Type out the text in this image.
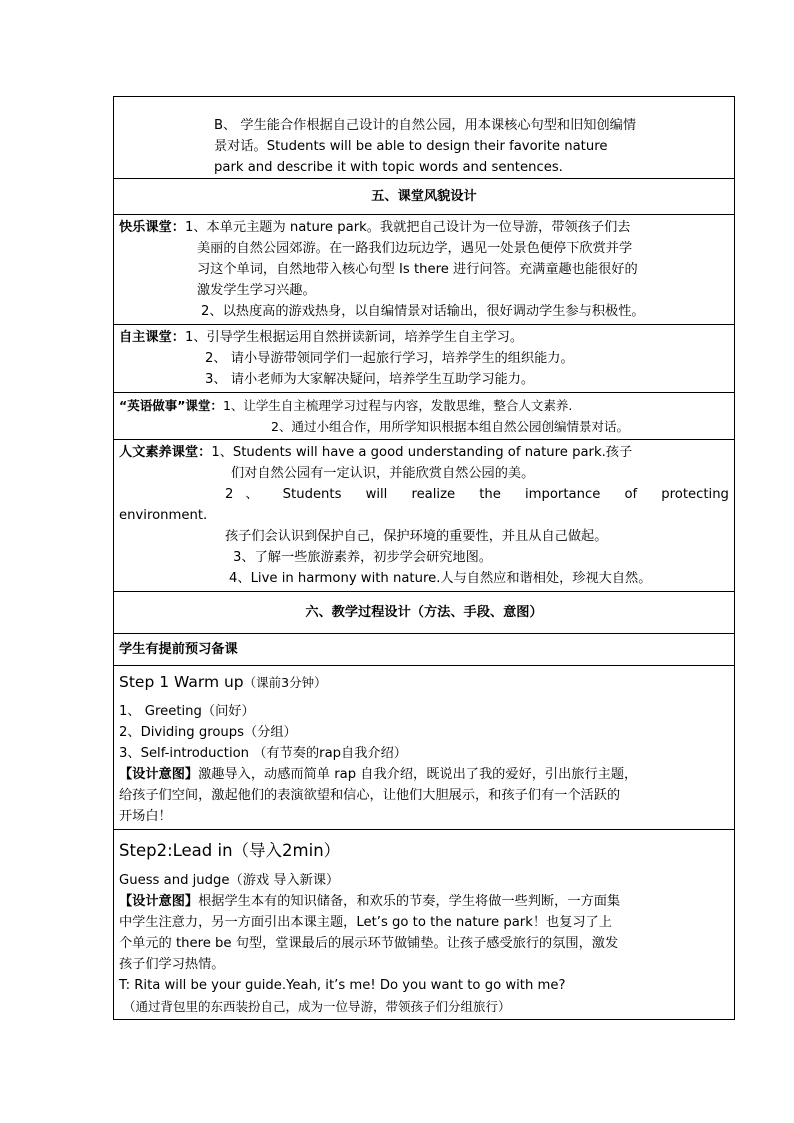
B、 学生能合作根据自己设计的自然公园，用本课核心句型和旧知创编情
景对话。Students will be able to design their favorite nature
park and describe it with topic words and sentences.

五、课堂风貌设计

快乐课堂：1、本单元主题为 nature park。我就把自己设计为一位导游，带领孩子们去
美丽的自然公园郊游。在一路我们边玩边学，遇见一处景色便停下欣赏并学
习这个单词，自然地带入核心句型 Is there 进行问答。充满童趣也能很好的
激发学生学习兴趣。
2、以热度高的游戏热身，以自编情景对话输出，很好调动学生参与积极性。

自主课堂：1、引导学生根据运用自然拼读新词，培养学生自主学习。
2、 请小导游带领同学们一起旅行学习，培养学生的组织能力。
3、 请小老师为大家解决疑问，培养学生互助学习能力。

“英语做事”课堂：1、让学生自主梳理学习过程与内容，发散思维，整合人文素养.
2、通过小组合作，用所学知识根据本组自然公园创编情景对话。

人文素养课堂：1、Students will have a good understanding of nature park.孩子
们对自然公园有一定认识，并能欣赏自然公园的美。
2 、 Students will realize the importance of protecting
environment.
孩子们会认识到保护自己，保护环境的重要性，并且从自己做起。
3、了解一些旅游素养，初步学会研究地图。
4、Live in harmony with nature.人与自然应和谐相处，珍视大自然。

六、教学过程设计（方法、手段、意图）
学生有提前预习备课

Step 1 Warm up（课前3分钟）
1、 Greeting（问好）
2、Dividing groups（分组）
3、Self-introduction （有节奏的rap自我介绍）
【设计意图】激趣导入，动感而简单 rap 自我介绍，既说出了我的爱好，引出旅行主题，
给孩子们空间，激起他们的表演欲望和信心，让他们大胆展示，和孩子们有一个活跃的
开场白！

Step2:Lead in（导入2min）
Guess and judge（游戏 导入新课）
【设计意图】根据学生本有的知识储备，和欢乐的节奏，学生将做一些判断，一方面集
中学生注意力，另一方面引出本课主题，Let’s go to the nature park！也复习了上
个单元的 there be 句型，堂课最后的展示环节做铺垫。让孩子感受旅行的氛围，激发
孩子们学习热情。
T: Rita will be your guide.Yeah, it’s me! Do you want to go with me?
（通过背包里的东西装扮自己，成为一位导游，带领孩子们分组旅行）
